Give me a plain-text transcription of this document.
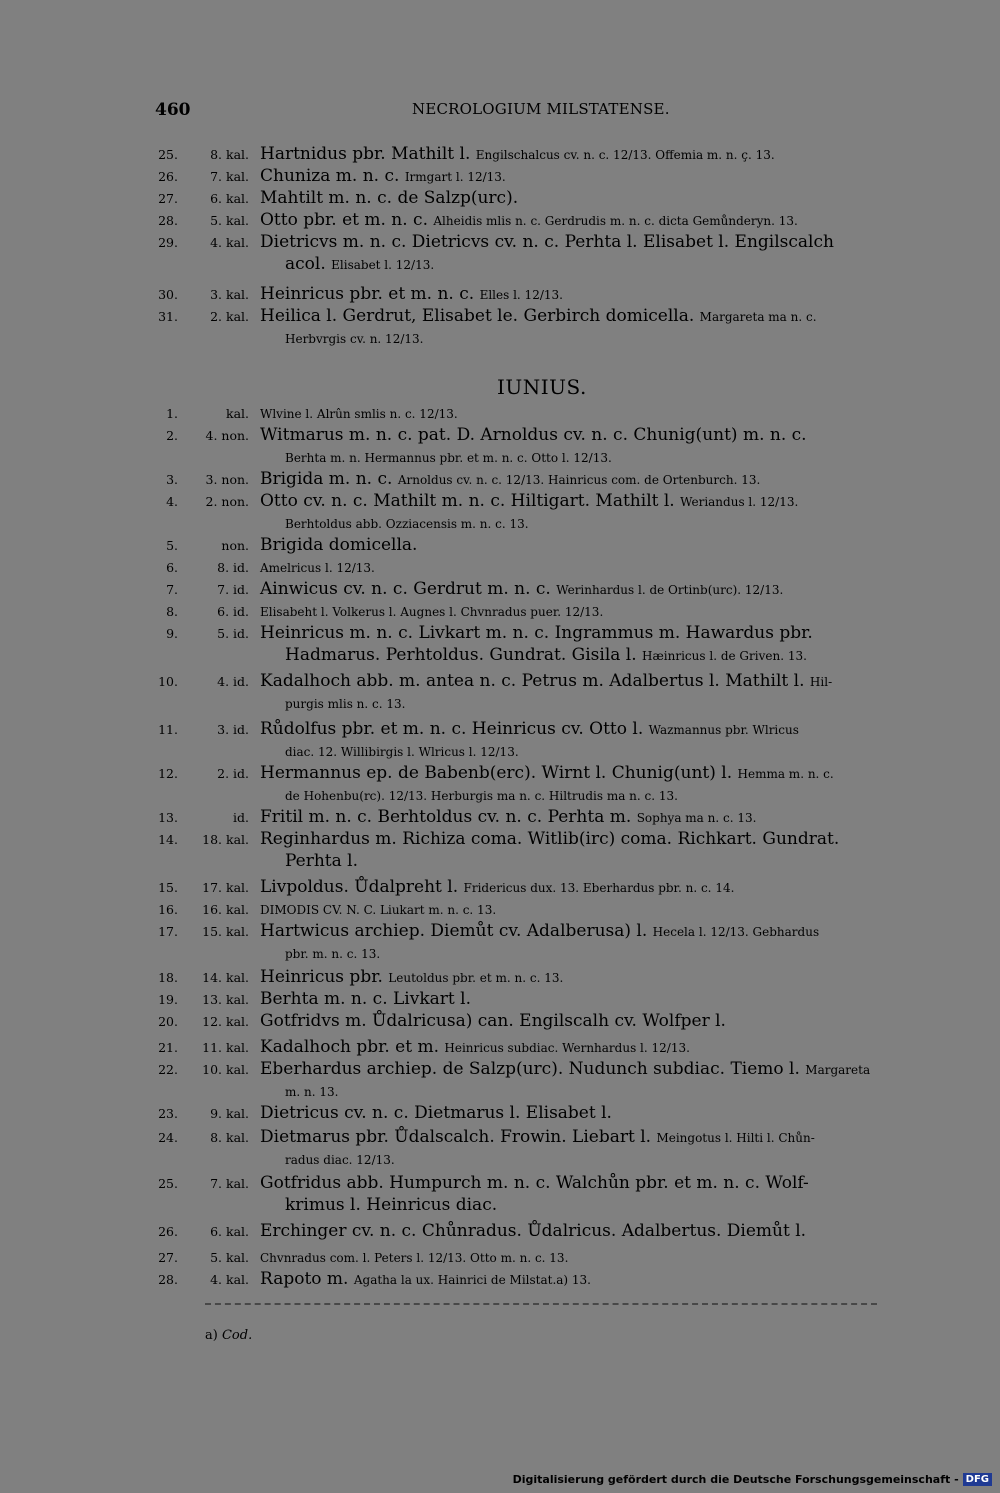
460	NECROLOGIUM MILSTATENSE.
25.	8. kal. Hartnidus pbr. Mathilt l. Engilschalcus cv. n. c. 12/13. Offemia m. n. ç. 13.
26.	7. kal. Chuniza m. n. c. Irmgart l. 12/13.
27.	6. kal. Mahtilt m. n. c. de Salzp(urc).
28.	5. kal. Otto pbr. et m. n. c. Alheidis mlis n. c. Gerdrudis m. n. c. dicta Gemůnderyn. 13.
29.	4. kal. Dietricvs m. n. c. Dietricvs cv. n. c. Perhta l. Elisabet l. Engilscalch
acol. Elisabet l. 12/13.
30.	3. kal. Heinricus pbr. et m. n. c. Elles l. 12/13.
31.	2. kal. Heilica l. Gerdrut, Elisabet le. Gerbirch domicella. Margareta ma n. c.
Herbvrgis cv. n. 12/13.
IUNIUS.
1.	kal. Wlvine l. Alrûn smlis n. c. 12/13.
2.	4. non. Witmarus m. n. c. pat. D. Arnoldus cv. n. c. Chunig(unt) m. n. c.
Berhta m. n. Hermannus pbr. et m. n. c. Otto l. 12/13.
3.	3. non. Brigida m. n. c. Arnoldus cv. n. c. 12/13. Hainricus com. de Ortenburch. 13.
4.	2. non. Otto cv. n. c. Mathilt m. n. c. Hiltigart. Mathilt l. Weriandus l. 12/13.
Berhtoldus abb. Ozziacensis m. n. c. 13.
5.	non. Brigida domicella.
6.	8. id. Amelricus l. 12/13.
7.	7. id. Ainwicus cv. n. c. Gerdrut m. n. c. Werinhardus l. de Ortinb(urc). 12/13.
8.	6. id. Elisabeht l. Volkerus l. Augnes l. Chvnradus puer. 12/13.
9.	5. id. Heinricus m. n. c. Livkart m. n. c. Ingrammus m. Hawardus pbr.
Hadmarus. Perhtoldus. Gundrat. Gisila l. Hæinricus l. de Griven. 13.
10.	4. id. Kadalhoch abb. m. antea n. c. Petrus m. Adalbertus l. Mathilt l. Hil-
purgis mlis n. c. 13.
11.	3. id. Růdolfus pbr. et m. n. c. Heinricus cv. Otto l. Wazmannus pbr. Wlricus
diac. 12. Willibirgis l. Wlricus l. 12/13.
12.	2. id. Hermannus ep. de Babenb(erc). Wirnt l. Chunig(unt) l. Hemma m. n. c.
de Hohenbu(rc). 12/13. Herburgis ma n. c. Hiltrudis ma n. c. 13.
13.	id. Fritil m. n. c. Berhtoldus cv. n. c. Perhta m. Sophya ma n. c. 13.
14.	18. kal. Reginhardus m. Richiza coma. Witlib(irc) coma. Richkart. Gundrat.
Perhta l.
15.	17. kal. Livpoldus. Ůdalpreht l. Fridericus dux. 13. Eberhardus pbr. n. c. 14.
16.	16. kal. DIMODIS CV. N. C. Liukart m. n. c. 13.
17.	15. kal. Hartwicus archiep. Diemůt cv. Adalberusa) l. Hecela l. 12/13. Gebhardus
pbr. m. n. c. 13.
18.	14. kal. Heinricus pbr. Leutoldus pbr. et m. n. c. 13.
19.	13. kal. Berhta m. n. c. Livkart l.
20.	12. kal. Gotfridvs m. Ůdalricusa) can. Engilscalh cv. Wolfper l.
21.	11. kal. Kadalhoch pbr. et m. Heinricus subdiac. Wernhardus l. 12/13.
22.	10. kal. Eberhardus archiep. de Salzp(urc). Nudunch subdiac. Tiemo l. Margareta
m. n. 13.
23.	9. kal. Dietricus cv. n. c. Dietmarus l. Elisabet l.
24.	8. kal. Dietmarus pbr. Ůdalscalch. Frowin. Liebart l. Meingotus l. Hilti l. Chůn-
radus diac. 12/13.
25.	7. kal. Gotfridus abb. Humpurch m. n. c. Walchůn pbr. et m. n. c. Wolf-
krimus l. Heinricus diac.
26.	6. kal. Erchinger cv. n. c. Chůnradus. Ůdalricus. Adalbertus. Diemůt l.
27.	5. kal. Chvnradus com. l. Peters l. 12/13. Otto m. n. c. 13.
28.	4. kal. Rapoto m. Agatha la ux. Hainrici de Milstat.a) 13.
a) Cod.
Digitalisierung gefördert durch die Deutsche Forschungsgemeinschaft - DFG
